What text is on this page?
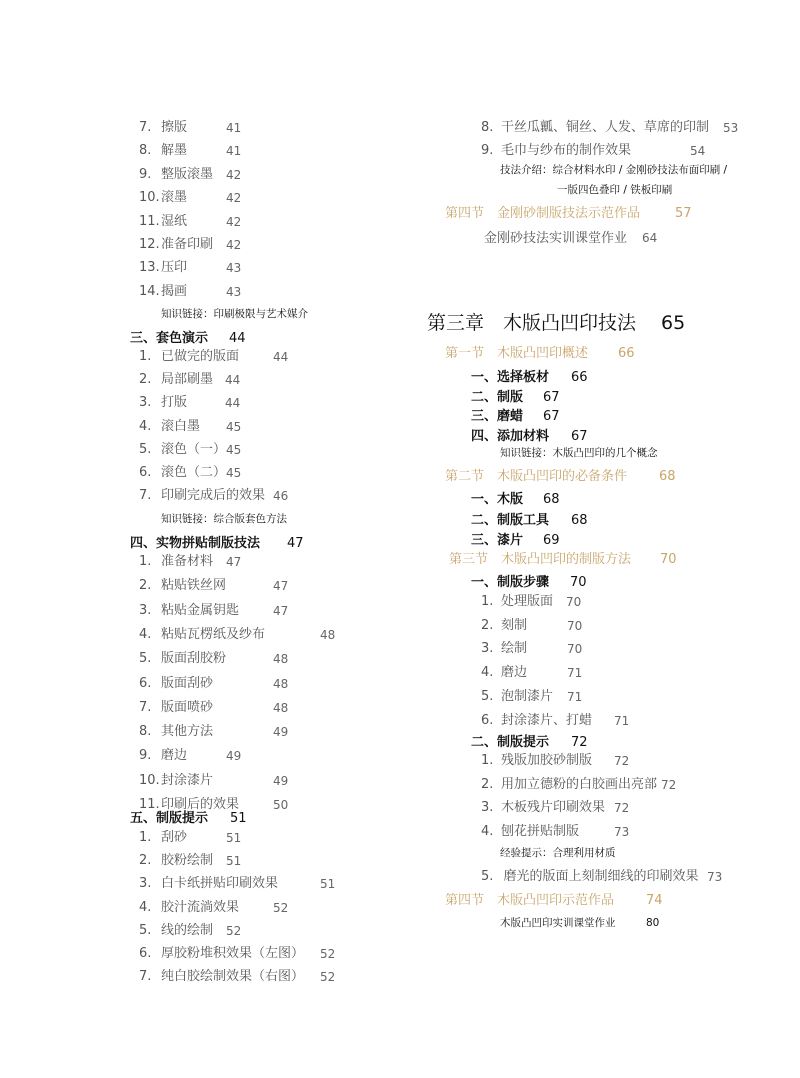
7. 擦版	41
8. 解墨	41
9. 整版滚墨 42
10. 滚墨	42
11. 湿纸	42
12. 准备印刷 42
13. 压印	43
14. 揭画	43
知识链接：印刷极限与艺术媒介
三、套色演示 44
1. 已做完的版面	44
2. 局部刷墨 44
3. 打版	44
4. 滚白墨 45
5. 滚色（一） 45
6. 滚色（二） 45
7. 印刷完成后的效果 46
知识链接：综合版套色方法
四、实物拼贴制版技法 47
1. 准备材料 47
2. 粘贴铁丝网	47
3. 粘贴金属钥匙	47
4. 粘贴瓦楞纸及纱布	48
5. 版面刮胶粉	48
6. 版面刮砂	48
7. 版面喷砂	48
8. 其他方法	49
9. 磨边	49
10. 封涂漆片	49
11. 印刷后的效果	50
五、制版提示 51
1. 刮砂	51
2. 胶粉绘制 51
3. 白卡纸拼贴印刷效果	51
4. 胶汁流淌效果	52
5. 线的绘制 52
6. 厚胶粉堆积效果（左图） 52
7. 纯白胶绘制效果（右图） 52
8. 干丝瓜瓤、铜丝、人发、草席的印制 53
9. 毛巾与纱布的制作效果	54
技法介绍：综合材料水印 / 金刚砂技法布面印刷 /
一版四色叠印 / 铁板印刷
第四节　金刚砂制版技法示范作品	57
金刚砂技法实训课堂作业 64
第三章　木版凸凹印技法 65
第一节　木版凸凹印概述 66
一、选择板材 66
二、制版 67
三、磨蜡 67
四、添加材料 67
知识链接：木版凸凹印的几个概念
第二节　木版凸凹印的必备条件 68
一、木版 68
二、制版工具 68
三、漆片 69
第三节　木版凸凹印的制版方法 70
一、制版步骤 70
1. 处理版面 70
2. 刻制	70
3. 绘制	70
4. 磨边	71
5. 泡制漆片 71
6. 封涂漆片、打蜡 71
二、制版提示 72
1. 残版加胶砂制版 72
2. 用加立德粉的白胶画出亮部 72
3. 木板残片印刷效果 72
4. 刨花拼贴制版	73
经验提示：合理利用材质
5. 磨光的版面上刻制细线的印刷效果 73
第四节　木版凸凹印示范作品 74
木版凸凹印实训课堂作业	80
